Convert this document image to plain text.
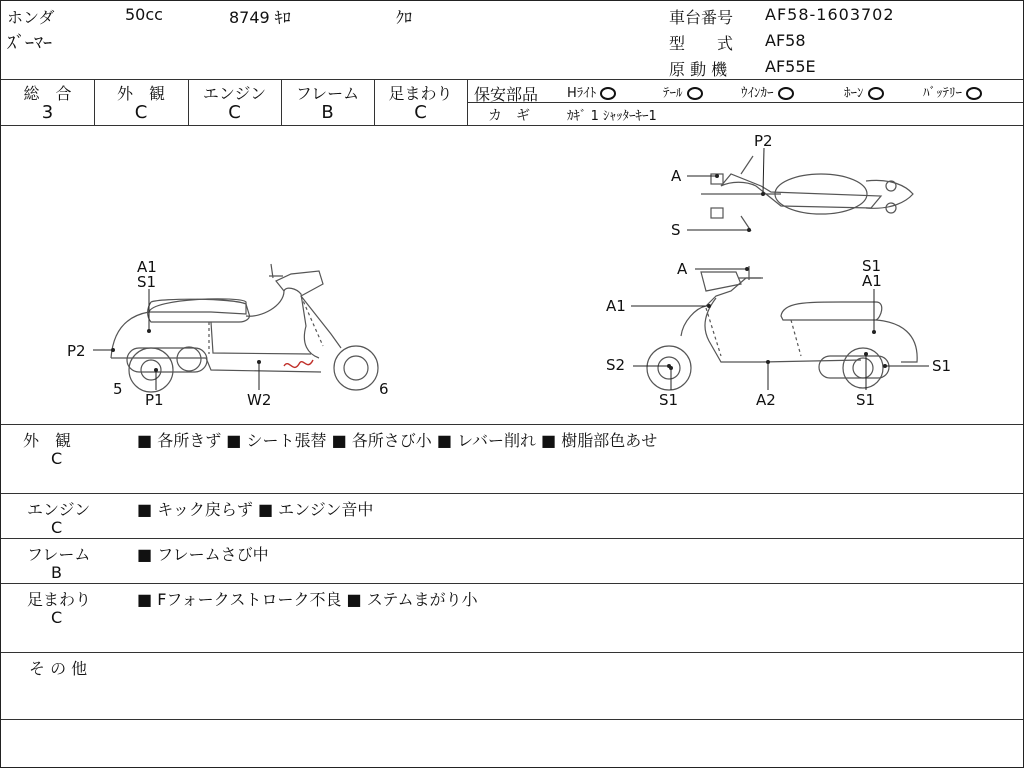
ホンダ	50cc	8749 ｷﾛ	ｸﾛ
ｽﾞｰﾏｰ
車台番号 AF58-1603702
型　　式 AF58
原 動 機 AF55E
総　合
3
外　観
C
エンジン
C
フレーム
B
足まわり
C
保安部品 Hﾗｲﾄ	ﾃｰﾙ	ｳｲﾝｶｰ	ﾎｰﾝ	ﾊﾞｯﾃﾘｰ
カ　ギ	ｶｷﾞ 1 ｼｬｯﾀｰｷｰ1
A1
S1
P2
5
P1	W2
6
P2
A
S
A	S1
A1
A1
S2
S1	A2	S1
S1
外　観
C
■ 各所きず ■ シート張替 ■ 各所さび小 ■ レバー削れ ■ 樹脂部色あせ
エンジン
C
■ キック戻らず ■ エンジン音中
フレーム
B
■ フレームさび中
足まわり
C
■ Fフォークストローク不良 ■ ステムまがり小
そ の 他
